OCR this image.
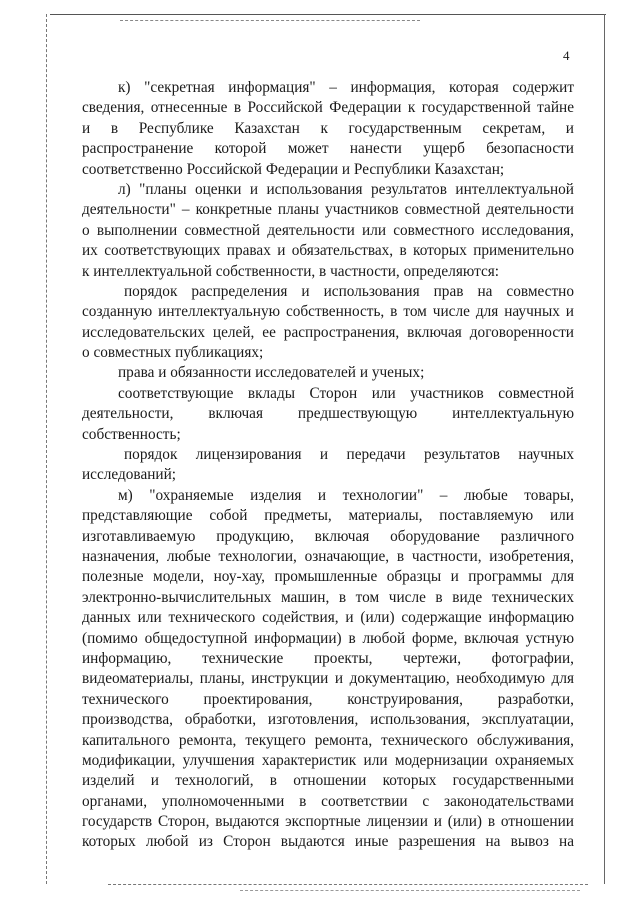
4
к) "секретная информация" – информация, которая содержит
сведения, отнесенные в Российской Федерации к государственной тайне
и в Республике Казахстан к государственным секретам, и
распространение которой может нанести ущерб безопасности
соответственно Российской Федерации и Республики Казахстан;
л) "планы оценки и использования результатов интеллектуальной
деятельности" – конкретные планы участников совместной деятельности
о выполнении совместной деятельности или совместного исследования,
их соответствующих правах и обязательствах, в которых применительно
к интеллектуальной собственности, в частности, определяются:
порядок распределения и использования прав на совместно
созданную интеллектуальную собственность, в том числе для научных и
исследовательских целей, ее распространения, включая договоренности
о совместных публикациях;
права и обязанности исследователей и ученых;
соответствующие вклады Сторон или участников совместной
деятельности, включая предшествующую интеллектуальную
собственность;
порядок лицензирования и передачи результатов научных
исследований;
м) "охраняемые изделия и технологии" – любые товары,
представляющие собой предметы, материалы, поставляемую или
изготавливаемую продукцию, включая оборудование различного
назначения, любые технологии, означающие, в частности, изобретения,
полезные модели, ноу-хау, промышленные образцы и программы для
электронно-вычислительных машин, в том числе в виде технических
данных или технического содействия, и (или) содержащие информацию
(помимо общедоступной информации) в любой форме, включая устную
информацию, технические проекты, чертежи, фотографии,
видеоматериалы, планы, инструкции и документацию, необходимую для
технического проектирования, конструирования, разработки,
производства, обработки, изготовления, использования, эксплуатации,
капитального ремонта, текущего ремонта, технического обслуживания,
модификации, улучшения характеристик или модернизации охраняемых
изделий и технологий, в отношении которых государственными
органами, уполномоченными в соответствии с законодательствами
государств Сторон, выдаются экспортные лицензии и (или) в отношении
которых любой из Сторон выдаются иные разрешения на вывоз на
